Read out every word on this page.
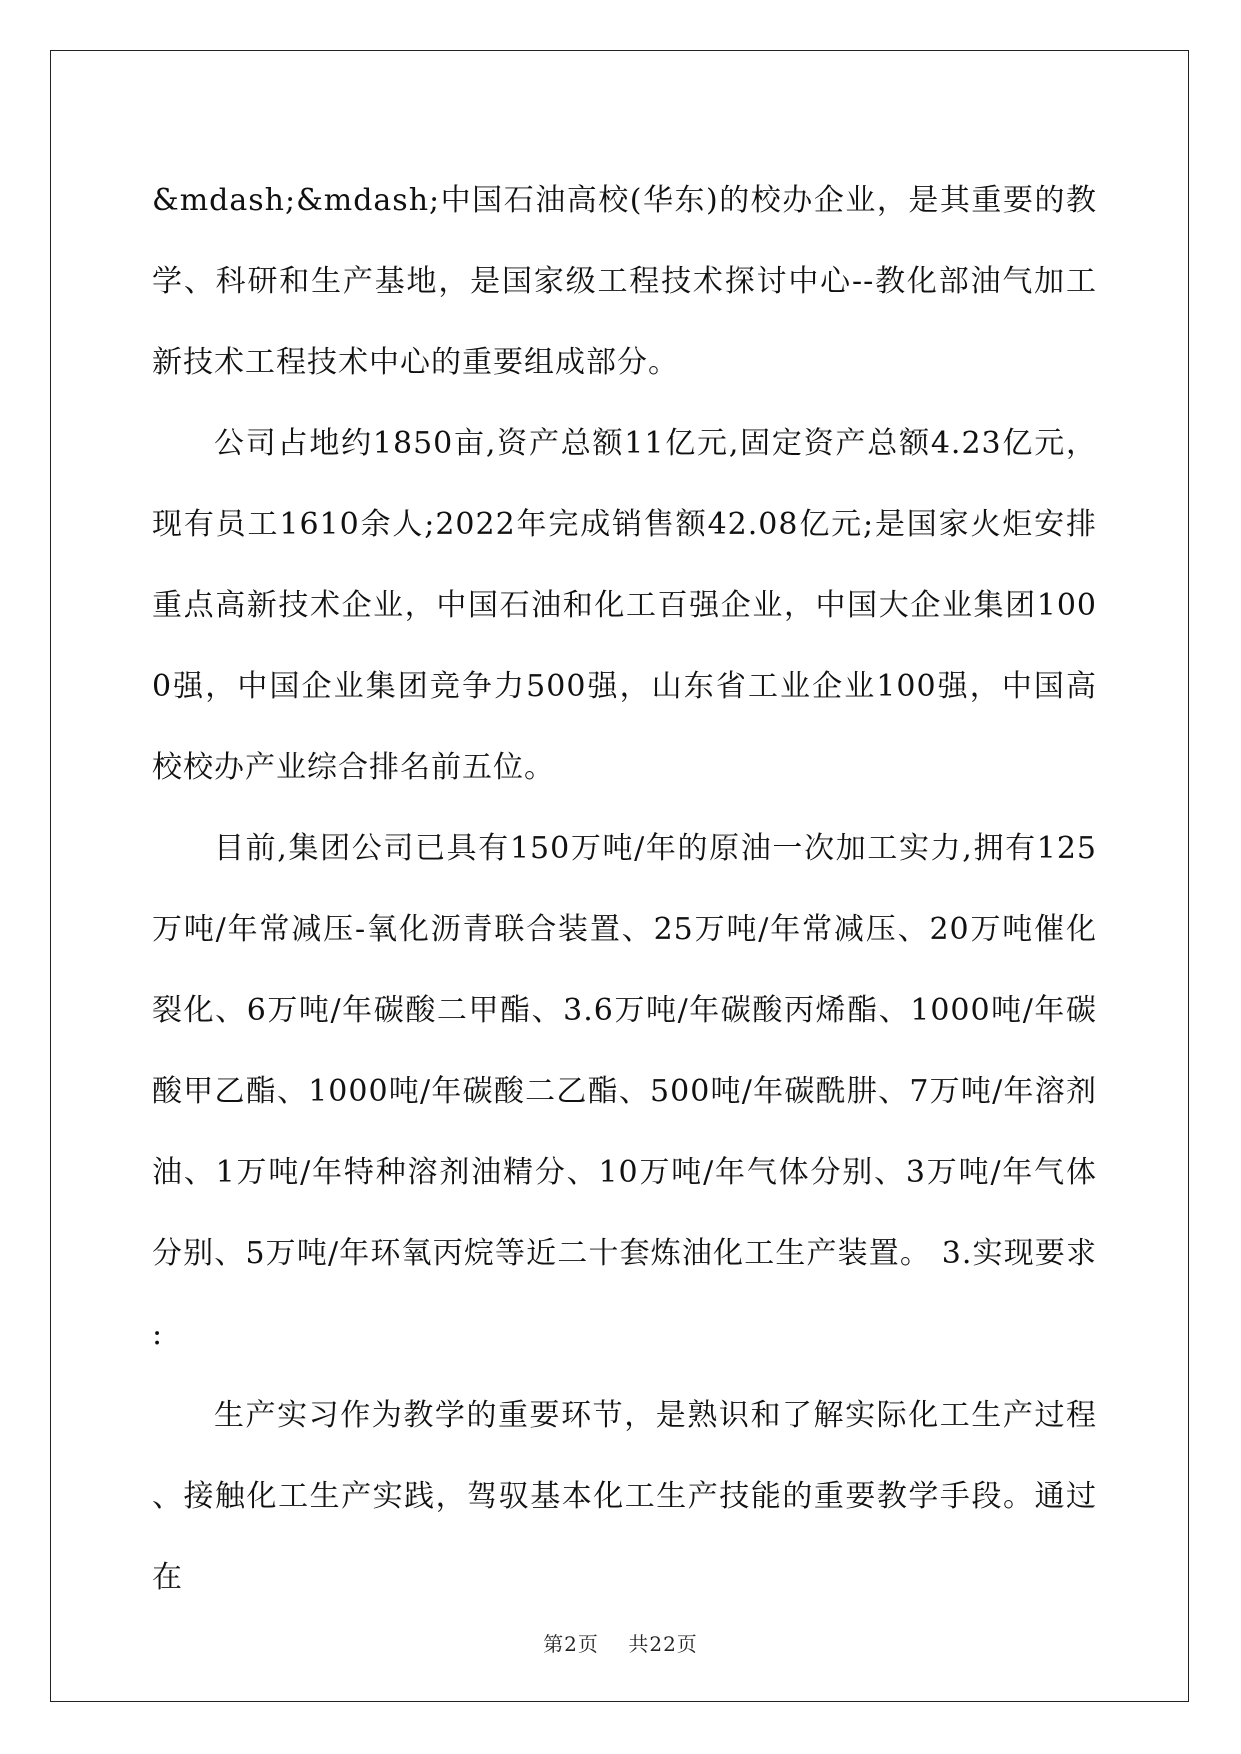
&mdash;&mdash;中国石油高校(华东)的校办企业，是其重要的教学、科研和生产基地，是国家级工程技术探讨中心--教化部油气加工新技术工程技术中心的重要组成部分。

公司占地约1850亩,资产总额11亿元,固定资产总额4.23亿元，现有员工1610余人;2022年完成销售额42.08亿元;是国家火炬安排重点高新技术企业，中国石油和化工百强企业，中国大企业集团1000强，中国企业集团竞争力500强，山东省工业企业100强，中国高校校办产业综合排名前五位。

目前,集团公司已具有150万吨/年的原油一次加工实力,拥有125万吨/年常减压-氧化沥青联合装置、25万吨/年常减压、20万吨催化裂化、6万吨/年碳酸二甲酯、3.6万吨/年碳酸丙烯酯、1000吨/年碳酸甲乙酯、1000吨/年碳酸二乙酯、500吨/年碳酰肼、7万吨/年溶剂油、1万吨/年特种溶剂油精分、10万吨/年气体分别、3万吨/年气体分别、5万吨/年环氧丙烷等近二十套炼油化工生产装置。 3.实现要求:

生产实习作为教学的重要环节，是熟识和了解实际化工生产过程、接触化工生产实践，驾驭基本化工生产技能的重要教学手段。通过在

第2页 共22页
